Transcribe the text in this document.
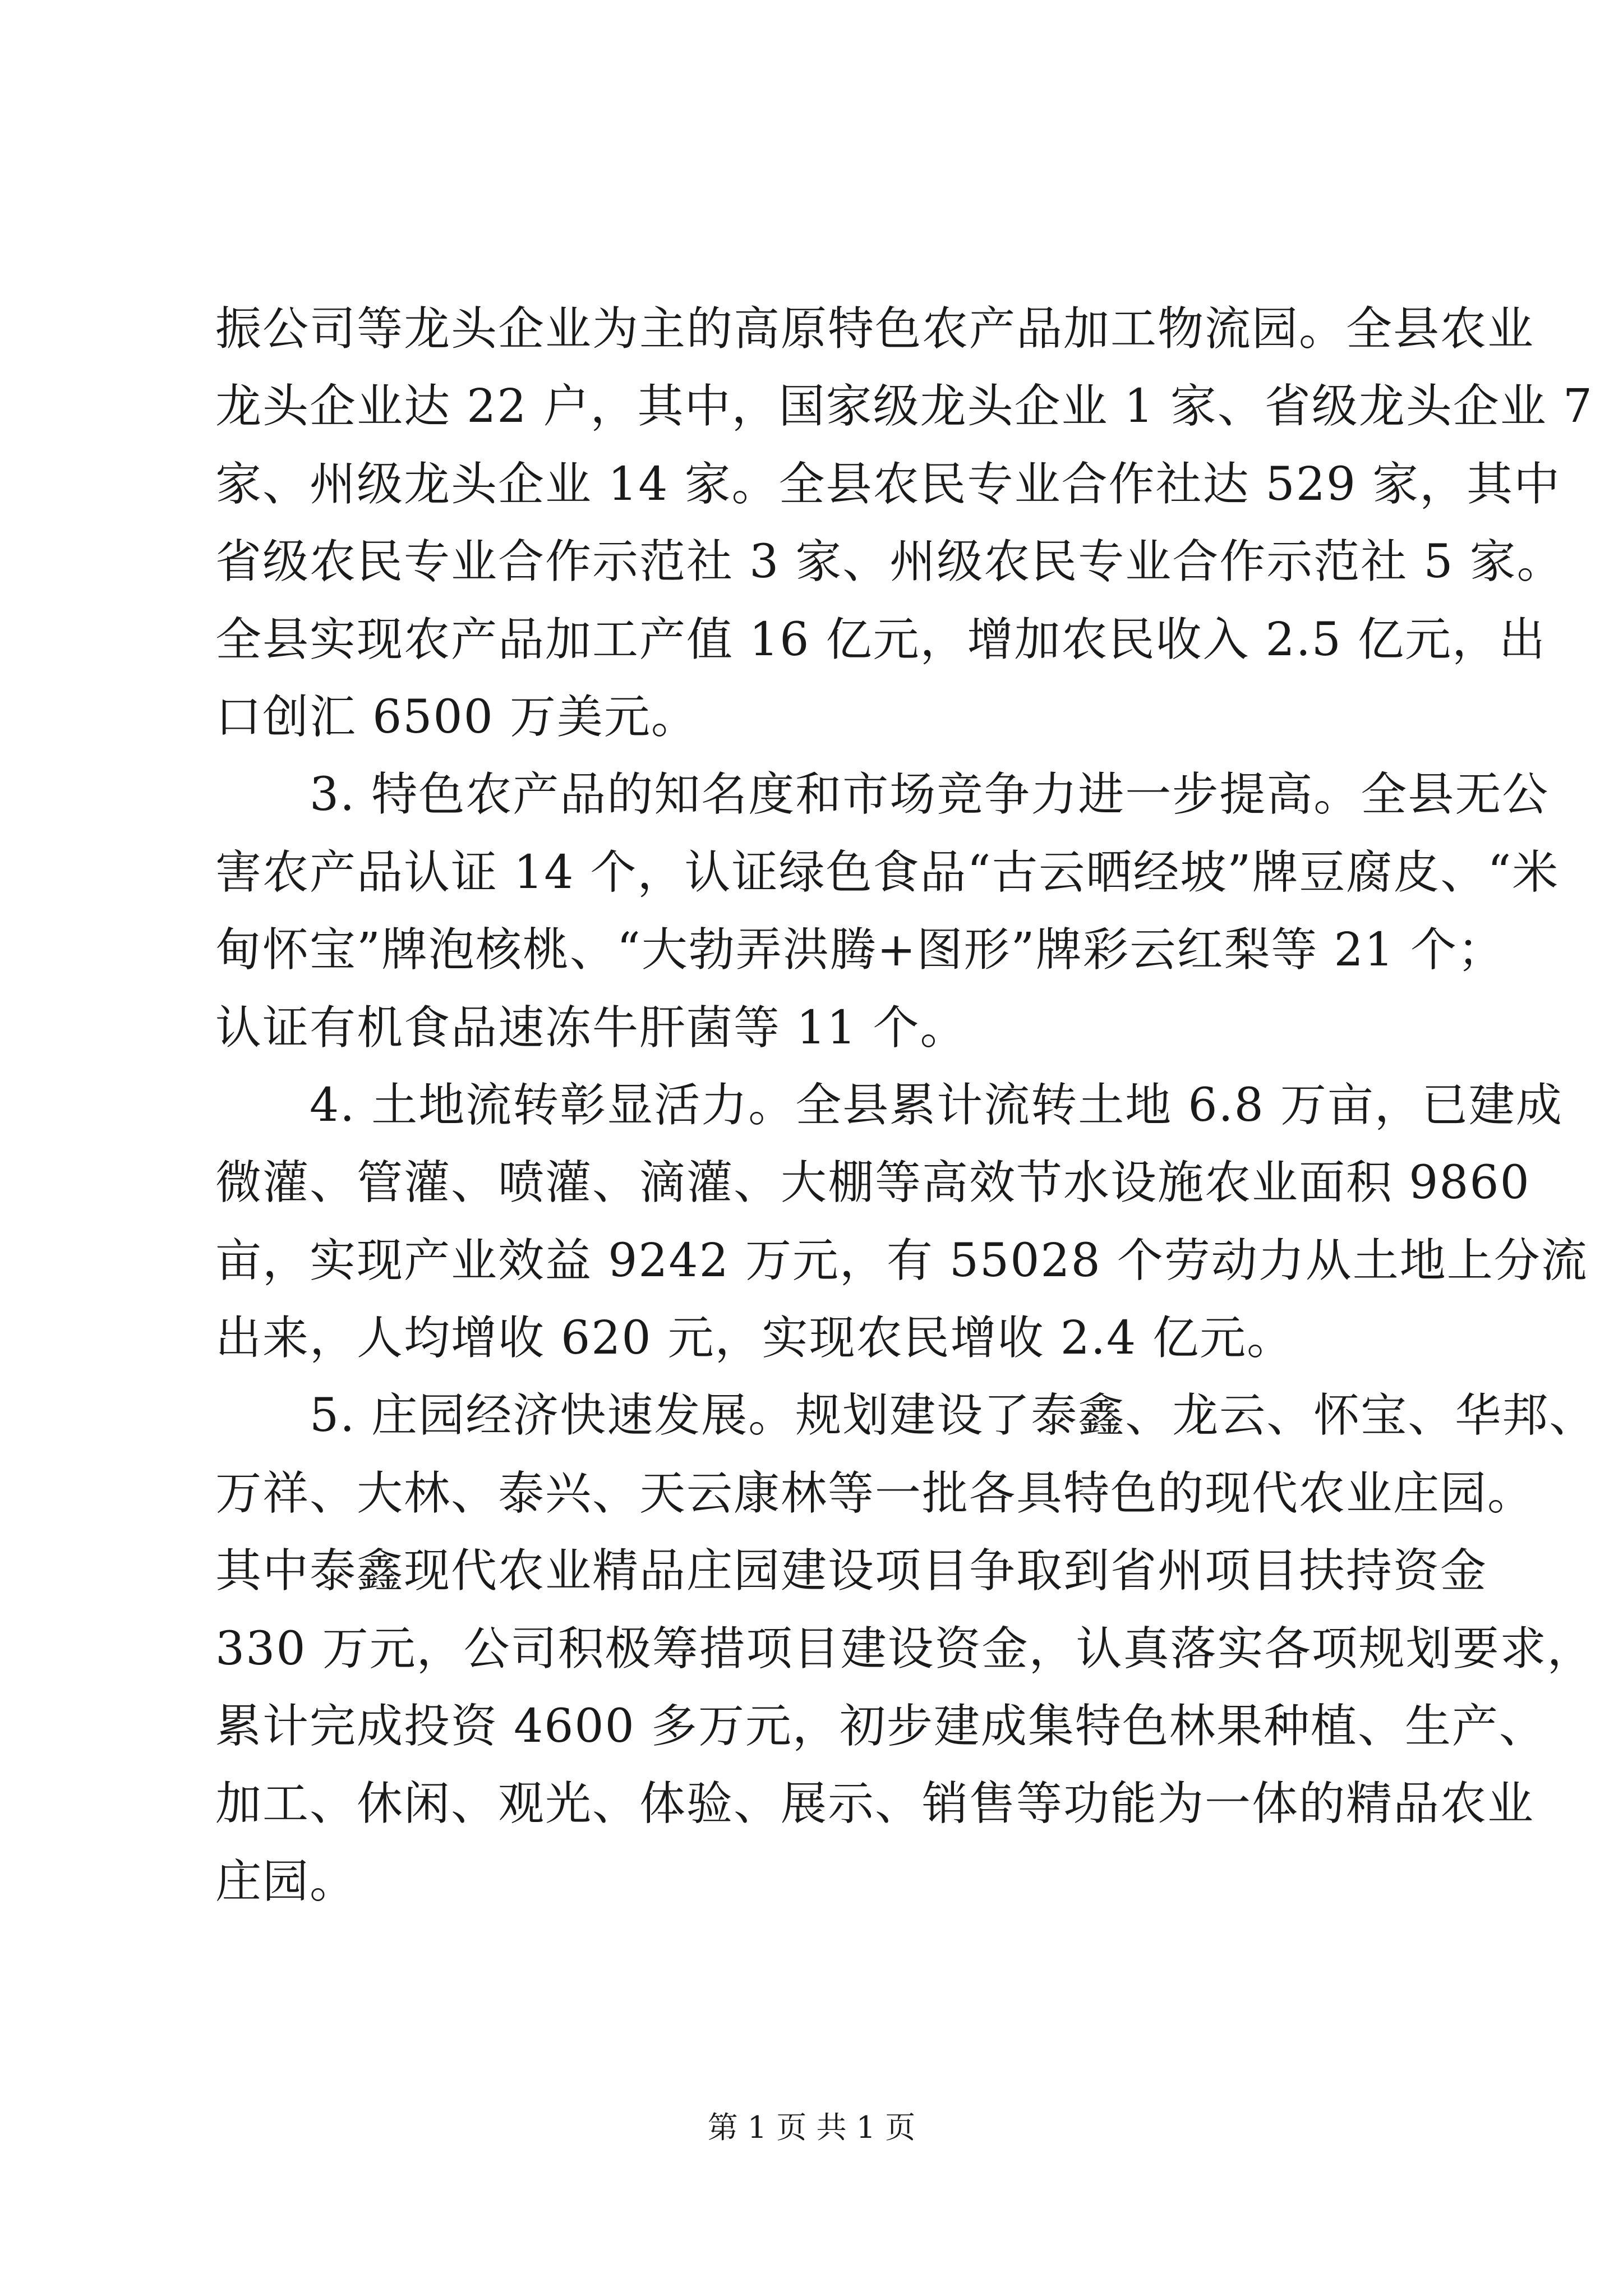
振公司等龙头企业为主的高原特色农产品加工物流园。全县农业
龙头企业达 22 户，其中，国家级龙头企业 1 家、省级龙头企业 7
家、州级龙头企业 14 家。全县农民专业合作社达 529 家，其中
省级农民专业合作示范社 3 家、州级农民专业合作示范社 5 家。
全县实现农产品加工产值 16 亿元，增加农民收入 2.5 亿元，出
口创汇 6500 万美元。
　　3. 特色农产品的知名度和市场竞争力进一步提高。全县无公
害农产品认证 14 个，认证绿色食品“古云晒经坡”牌豆腐皮、“米
甸怀宝”牌泡核桃、“大勃弄洪腾+图形”牌彩云红梨等 21 个；
认证有机食品速冻牛肝菌等 11 个。
　　4. 土地流转彰显活力。全县累计流转土地 6.8 万亩，已建成
微灌、管灌、喷灌、滴灌、大棚等高效节水设施农业面积 9860
亩，实现产业效益 9242 万元，有 55028 个劳动力从土地上分流
出来，人均增收 620 元，实现农民增收 2.4 亿元。
　　5. 庄园经济快速发展。规划建设了泰鑫、龙云、怀宝、华邦、
万祥、大林、泰兴、天云康林等一批各具特色的现代农业庄园。
其中泰鑫现代农业精品庄园建设项目争取到省州项目扶持资金
330 万元，公司积极筹措项目建设资金，认真落实各项规划要求，
累计完成投资 4600 多万元，初步建成集特色林果种植、生产、
加工、休闲、观光、体验、展示、销售等功能为一体的精品农业
庄园。
第 1 页 共 1 页
